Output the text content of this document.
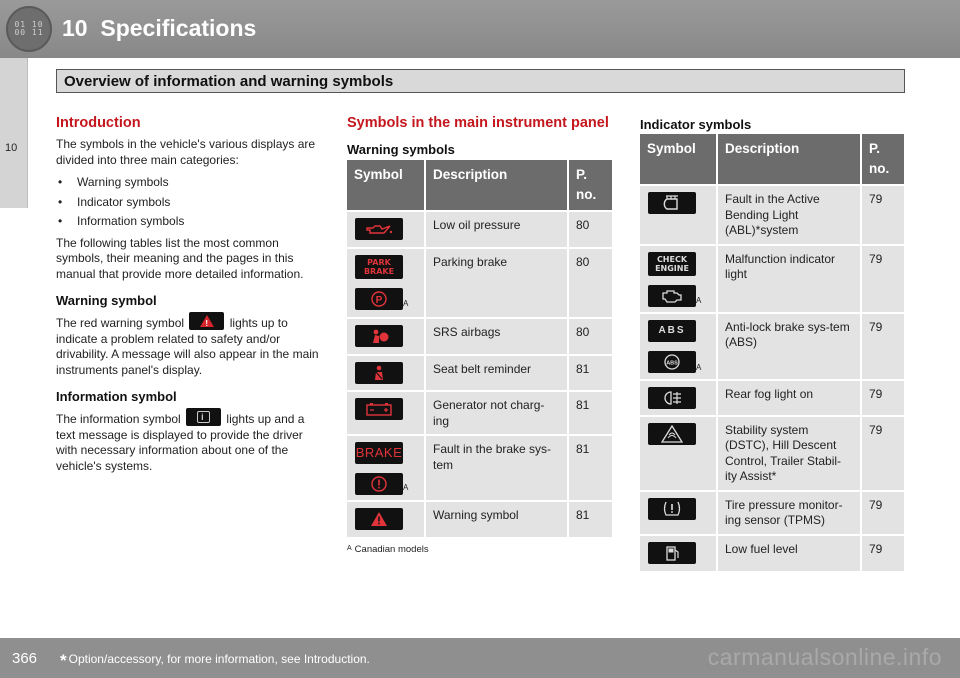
01 10
00 11 10  Specifications
10
Overview of information and warning symbols
Introduction
The symbols in the vehicle's various displays are divided into three main categories:
• Warning symbols
• Indicator symbols
• Information symbols
The following tables list the most common symbols, their meaning and the pages in this manual that provide more detailed information.
Warning symbol
The red warning symbol !	lights up to indicate a problem related to safety and/or drivability. A message will also appear in the main instruments panel's display.
Information symbol
The information symbol i	lights up and a text message is displayed to provide the driver with necessary information about one of the vehicle's systems.
Symbols in the main instrument panel
Warning symbols
Symbol	Description	P.
no.

	Low oil pressure	80

PARK
BRAKE
P A	Parking brake	80

	SRS airbags	80

	Seat belt reminder	81

	Generator not charg-ing	81

BRAKE
A	Fault in the brake sys-tem	81

	Warning symbol	81
$^A$ Canadian models
Indicator symbols
Symbol	Description	P.
no.

	Fault in the Active Bending Light (ABL)*system	79

CHECK
ENGINE
A	Malfunction indicator light	79

ABS
ABS A	Anti-lock brake sys-tem (ABS)	79

	Rear fog light on	79

	Stability system (DSTC), Hill Descent Control, Trailer Stabil-ity Assist*	79

	Tire pressure monitor-ing sensor (TPMS)	79

	Low fuel level	79
366 * Option/accessory, for more information, see Introduction.	carmanualsonline.info
